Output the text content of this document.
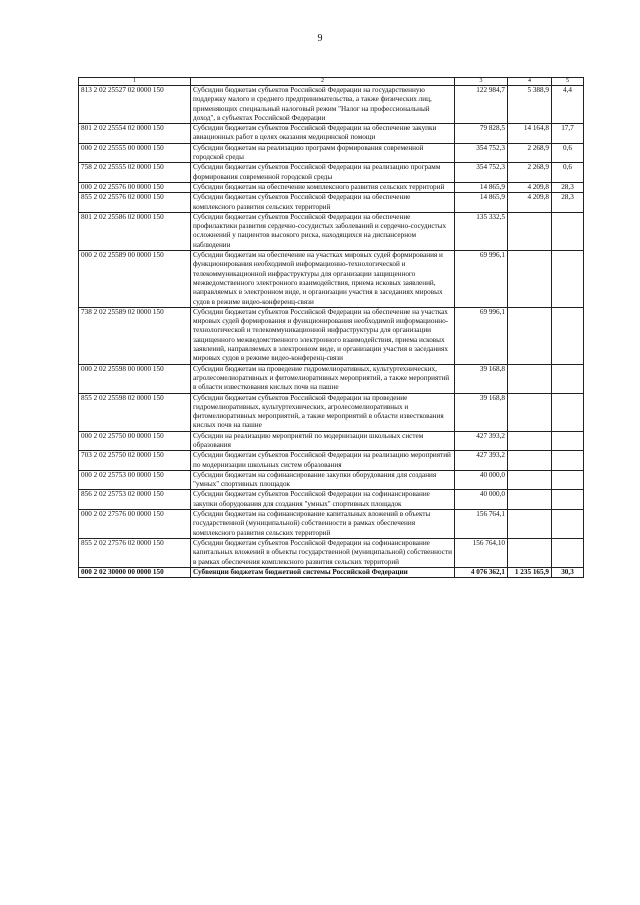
9
1	2	3	4	5
813 2 02 25527 02 0000 150	Субсидии бюджетам субъектов Российской Федерации на государственную поддержку малого и среднего предпринимательства, а также физических лиц, применяющих специальный налоговый режим "Налог на профессиональный доход", в субъектах Российской Федерации	122 984,7	5 388,9	4,4
801 2 02 25554 02 0000 150	Субсидии бюджетам субъектов Российской Федерации на обеспечение закупки авиационных работ в целях оказания медицинской помощи	79 828,5	14 164,8	17,7
000 2 02 25555 00 0000 150	Субсидии бюджетам на реализацию программ формирования современной городской среды	354 752,3	2 268,9	0,6
758 2 02 25555 02 0000 150	Субсидии бюджетам субъектов Российской Федерации на реализацию программ формирования современной городской среды	354 752,3	2 268,9	0,6
000 2 02 25576 00 0000 150	Субсидии бюджетам на обеспечение комплексного развития сельских территорий	14 865,9	4 209,8	28,3
855 2 02 25576 02 0000 150	Субсидии бюджетам субъектов Российской Федерации на обеспечение комплексного развития сельских территорий	14 865,9	4 209,8	28,3
801 2 02 25586 02 0000 150	Субсидии бюджетам субъектов Российской Федерации на обеспечение профилактики развития сердечно-сосудистых заболеваний и сердечно-сосудистых осложнений у пациентов высокого риска, находящихся на диспансерном наблюдении	135 332,5		
000 2 02 25589 00 0000 150	Субсидии бюджетам на обеспечение на участках мировых судей формирования и функционирования необходимой информационно-технологической и телекоммуникационной инфраструктуры для организации защищенного межведомственного электронного взаимодействия, приема исковых заявлений, направляемых в электронном виде, и организации участия в заседаниях мировых судов в режиме видео-конференц-связи	69 996,1		
738 2 02 25589 02 0000 150	Субсидии бюджетам субъектов Российской Федерации на обеспечение на участках мировых судей формирования и функционирования необходимой информационно-технологической и телекоммуникационной инфраструктуры для организации защищенного межведомственного электронного взаимодействия, приема исковых заявлений, направляемых в электронном виде, и организации участия в заседаниях мировых судов в режиме видео-конференц-связи	69 996,1		
000 2 02 25598 00 0000 150	Субсидии бюджетам на проведение гидромелиоративных, культуртехнических, агролесомелиоративных и фитомелиоративных мероприятий, а также мероприятий в области известкования кислых почв на пашне	39 168,8		
855 2 02 25598 02 0000 150	Субсидии бюджетам субъектов Российской Федерации на проведение гидромелиоративных, культуртехнических, агролесомелиоративных и фитомелиоративных мероприятий, а также мероприятий в области известкования кислых почв на пашне	39 168,8		
000 2 02 25750 00 0000 150	Субсидии на реализацию мероприятий по модернизации школьных систем образования	427 393,2		
703 2 02 25750 02 0000 150	Субсидии бюджетам субъектов Российской Федерации на реализацию мероприятий по модернизации школьных систем образования	427 393,2		
000 2 02 25753 00 0000 150	Субсидии бюджетам на софинансирование закупки оборудования для создания "умных" спортивных площадок	40 000,0		
856 2 02 25753 02 0000 150	Субсидии бюджетам субъектов Российской Федерации на софинансирование закупки оборудования для создания "умных" спортивных площадок	40 000,0		
000 2 02 27576 00 0000 150	Субсидии бюджетам на софинансирование капитальных вложений в объекты государственной (муниципальной) собственности в рамках обеспечения комплексного развития сельских территорий	156 764,1		
855 2 02 27576 02 0000 150	Субсидии бюджетам субъектов Российской Федерации на софинансирование капитальных вложений в объекты государственной (муниципальной) собственности в рамках обеспечения комплексного развития сельских территорий	156 764,10		
000 2 02 30000 00 0000 150	Субвенции бюджетам бюджетной системы Российской Федерации	4 076 362,1	1 235 165,9	30,3
